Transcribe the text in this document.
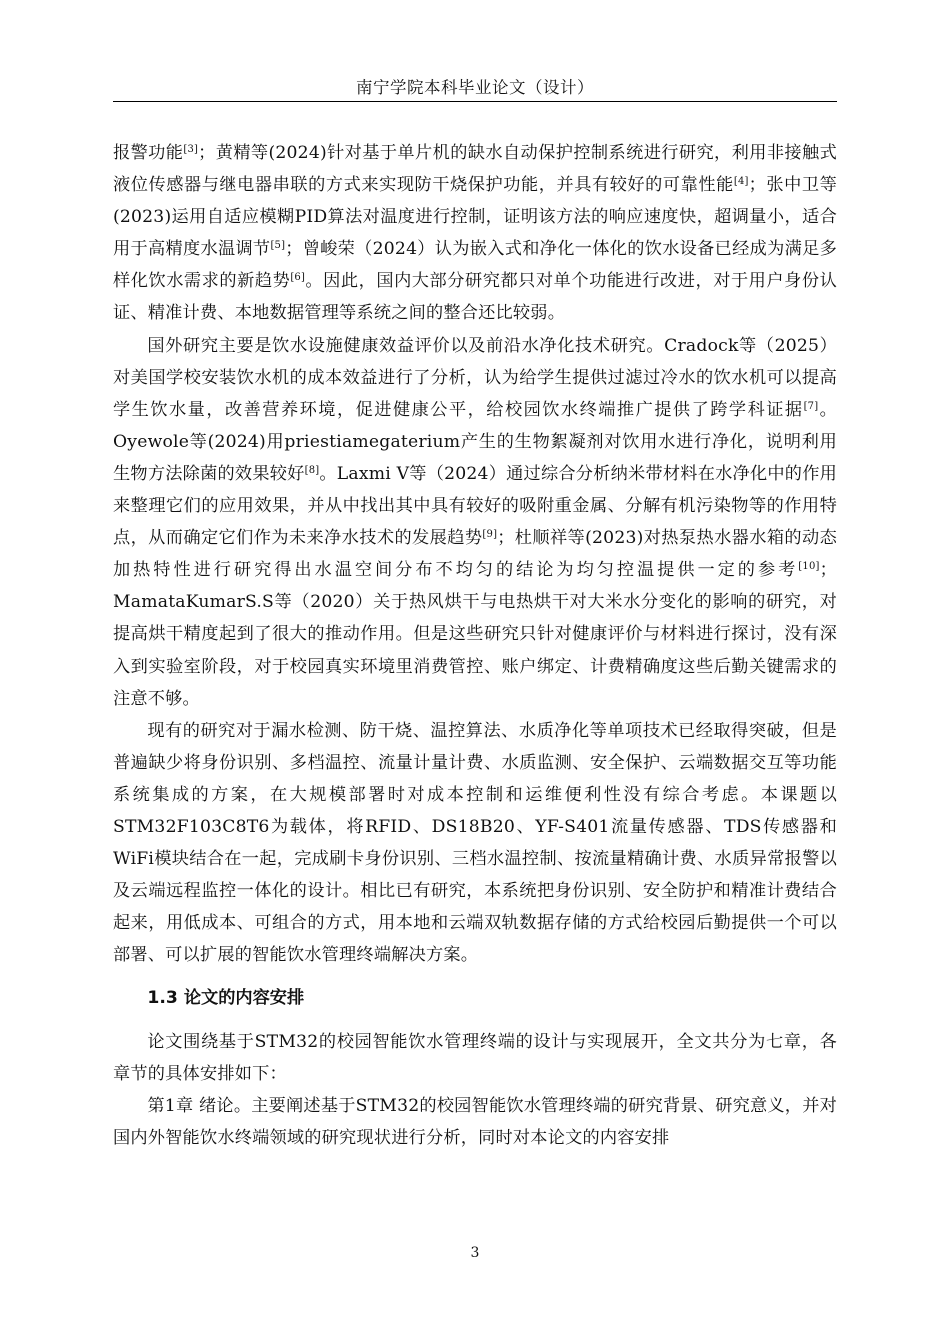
南宁学院本科毕业论文（设计）

报警功能[3]；黄精等(2024)针对基于单片机的缺水自动保护控制系统进行研究，利用非接触式液位传感器与继电器串联的方式来实现防干烧保护功能，并具有较好的可靠性能[4]；张中卫等(2023)运用自适应模糊PID算法对温度进行控制，证明该方法的响应速度快，超调量小，适合用于高精度水温调节[5]；曾峻荣（2024）认为嵌入式和净化一体化的饮水设备已经成为满足多样化饮水需求的新趋势[6]。因此，国内大部分研究都只对单个功能进行改进，对于用户身份认证、精准计费、本地数据管理等系统之间的整合还比较弱。

国外研究主要是饮水设施健康效益评价以及前沿水净化技术研究。Cradock等（2025）对美国学校安装饮水机的成本效益进行了分析，认为给学生提供过滤过冷水的饮水机可以提高学生饮水量，改善营养环境，促进健康公平，给校园饮水终端推广提供了跨学科证据[7]。Oyewole等(2024)用priestiamegaterium产生的生物絮凝剂对饮用水进行净化，说明利用生物方法除菌的效果较好[8]。Laxmi V等（2024）通过综合分析纳米带材料在水净化中的作用来整理它们的应用效果，并从中找出其中具有较好的吸附重金属、分解有机污染物等的作用特点，从而确定它们作为未来净水技术的发展趋势[9]；杜顺祥等(2023)对热泵热水器水箱的动态加热特性进行研究得出水温空间分布不均匀的结论为均匀控温提供一定的参考[10]；MamataKumarS.S等（2020）关于热风烘干与电热烘干对大米水分变化的影响的研究，对提高烘干精度起到了很大的推动作用。但是这些研究只针对健康评价与材料进行探讨，没有深入到实验室阶段，对于校园真实环境里消费管控、账户绑定、计费精确度这些后勤关键需求的注意不够。

现有的研究对于漏水检测、防干烧、温控算法、水质净化等单项技术已经取得突破，但是普遍缺少将身份识别、多档温控、流量计量计费、水质监测、安全保护、云端数据交互等功能系统集成的方案，在大规模部署时对成本控制和运维便利性没有综合考虑。本课题以STM32F103C8T6为载体，将RFID、DS18B20、YF-S401流量传感器、TDS传感器和WiFi模块结合在一起，完成刷卡身份识别、三档水温控制、按流量精确计费、水质异常报警以及云端远程监控一体化的设计。相比已有研究，本系统把身份识别、安全防护和精准计费结合起来，用低成本、可组合的方式，用本地和云端双轨数据存储的方式给校园后勤提供一个可以部署、可以扩展的智能饮水管理终端解决方案。

1.3 论文的内容安排

论文围绕基于STM32的校园智能饮水管理终端的设计与实现展开，全文共分为七章，各章节的具体安排如下：

第1章 绪论。主要阐述基于STM32的校园智能饮水管理终端的研究背景、研究意义，并对国内外智能饮水终端领域的研究现状进行分析，同时对本论文的内容安排

3
